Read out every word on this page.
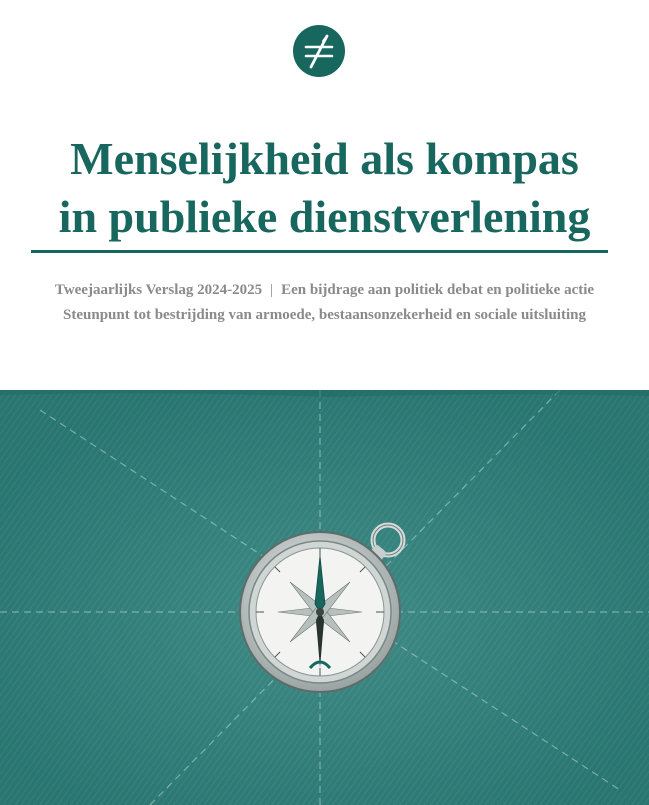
Menselijkheid als kompas
in publieke dienstverlening
Tweejaarlijks Verslag 2024-2025 | Een bijdrage aan politiek debat en politieke actie
Steunpunt tot bestrijding van armoede, bestaansonzekerheid en sociale uitsluiting
